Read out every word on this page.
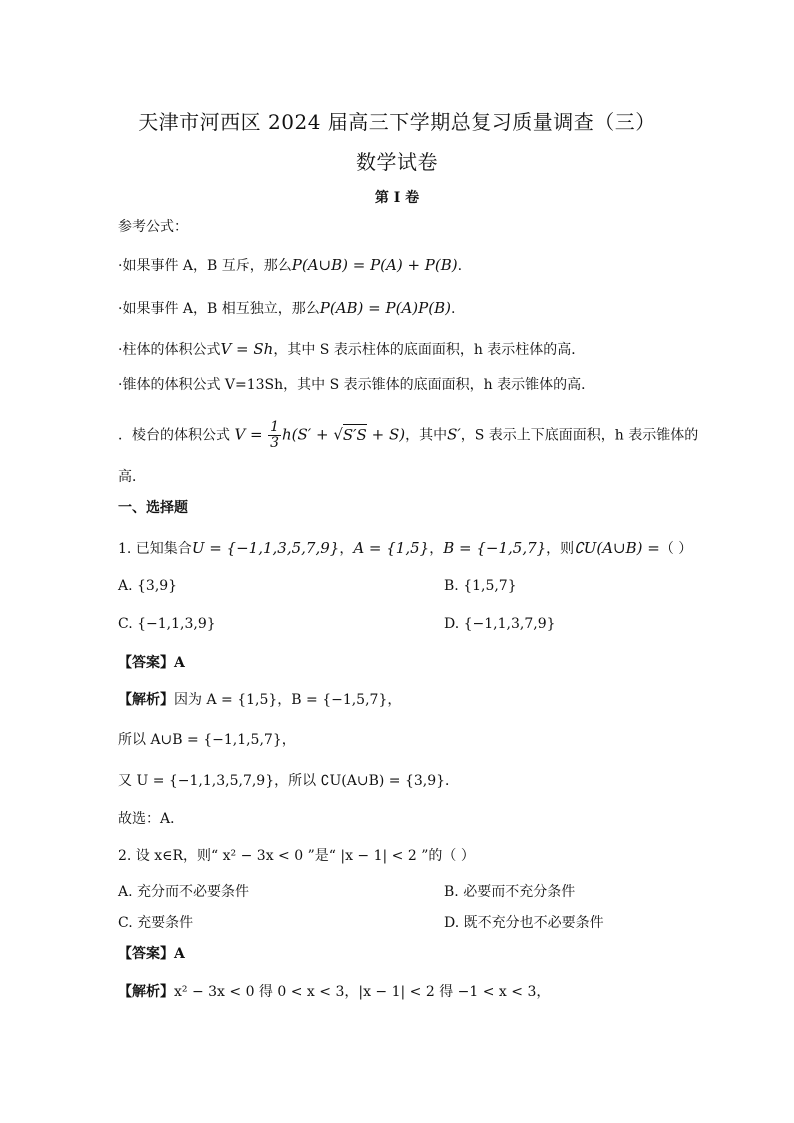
天津市河西区 2024 届高三下学期总复习质量调查（三）
数学试卷
第 I 卷
参考公式：
·如果事件 A，B 互斥，那么P(A∪B) = P(A) + P(B).
·如果事件 A，B 相互独立，那么P(AB) = P(A)P(B).
·柱体的体积公式V = Sh，其中 S 表示柱体的底面面积，h 表示柱体的高．
·锥体的体积公式 V=13Sh，其中 S 表示锥体的底面面积，h 表示锥体的高．
．棱台的体积公式 $V = \frac{1}{3} h(S' + √S'S + S)$，其中S′，S 表示上下底面面积，h 表示锥体的
高．
一、选择题
1. 已知集合U = {−1,1,3,5,7,9}，A = {1,5}，B = {−1,5,7}，则∁U(A∪B) =（ ）
A. {3,9}	B. {1,5,7}
C. {−1,1,3,9}	D. {−1,1,3,7,9}
【答案】A
【解析】因为 A = {1,5}，B = {−1,5,7}，
所以 A∪B = {−1,1,5,7}，
又 U = {−1,1,3,5,7,9}，所以 ∁U(A∪B) = {3,9}．
故选：A．
2. 设 x∈R，则“ x² − 3x < 0 ”是“ |x − 1| < 2 ”的（ ）
A. 充分而不必要条件	B. 必要而不充分条件
C. 充要条件	D. 既不充分也不必要条件
【答案】A
【解析】x² − 3x < 0 得 0 < x < 3，|x − 1| < 2 得 −1 < x < 3，
